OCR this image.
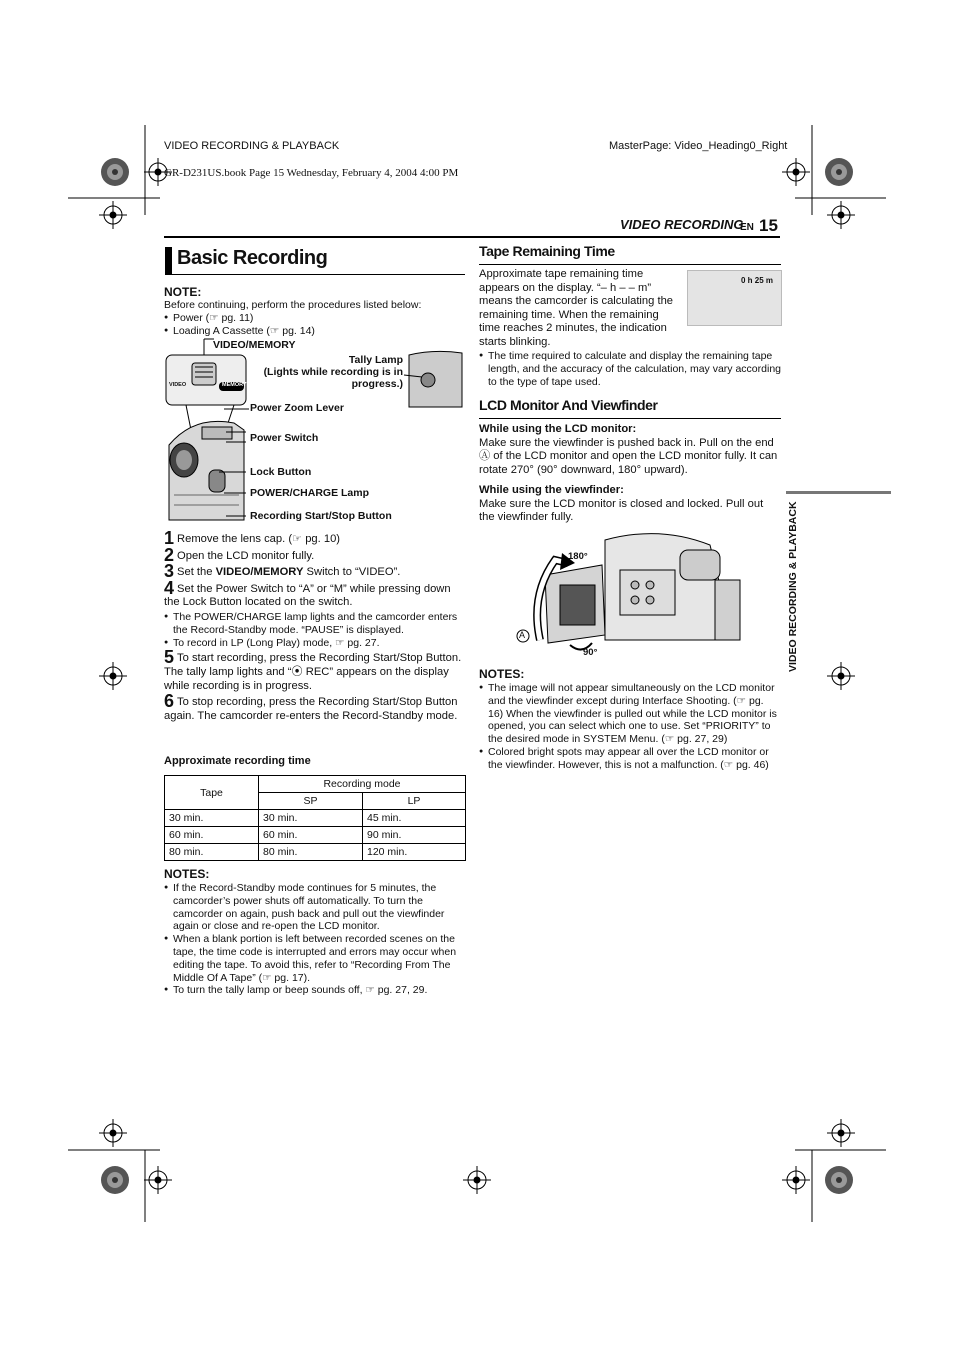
VIDEO RECORDING & PLAYBACK	MasterPage: Video_Heading0_Right
GR-D231US.book Page 15 Wednesday, February 4, 2004 4:00 PM
VIDEO RECORDING
EN 15
VIDEO RECORDING & PLAYBACK
Basic Recording
NOTE:
Before continuing, perform the procedures listed below:
● Power (☞ pg. 11)
● Loading A Cassette (☞ pg. 14)
VIDEO/MEMORY
VIDEO	MEMORY
Tally Lamp
(Lights while recording is in progress.)
Power Zoom Lever
Power Switch
Lock Button
POWER/CHARGE Lamp
Recording Start/Stop Button
1 Remove the lens cap. (☞ pg. 10)
2 Open the LCD monitor fully.
3 Set the VIDEO/MEMORY Switch to “VIDEO”.
4 Set the Power Switch to “A” or “M” while pressing down the Lock Button located on the switch.
● The POWER/CHARGE lamp lights and the camcorder enters the Record-Standby mode. “PAUSE” is displayed.
● To record in LP (Long Play) mode, ☞ pg. 27.
5 To start recording, press the Recording Start/Stop Button. The tally lamp lights and “⦿ REC” appears on the display while recording is in progress.
6 To stop recording, press the Recording Start/Stop Button again. The camcorder re-enters the Record-Standby mode.
Approximate recording time
Tape	Recording mode	
	SP	LP
30 min.	30 min.	45 min.
60 min.	60 min.	90 min.
80 min.	80 min.	120 min.
NOTES:
● If the Record-Standby mode continues for 5 minutes, the camcorder’s power shuts off automatically. To turn the camcorder on again, push back and pull out the viewfinder again or close and re-open the LCD monitor.
● When a blank portion is left between recorded scenes on the tape, the time code is interrupted and errors may occur when editing the tape. To avoid this, refer to “Recording From The Middle Of A Tape” (☞ pg. 17).
● To turn the tally lamp or beep sounds off, ☞ pg. 27, 29.
Tape Remaining Time
Approximate tape remaining time appears on the display. “– h – – m” means the camcorder is calculating the remaining time. When the remaining time reaches 2 minutes, the indication starts blinking.
0 h 25 m
● The time required to calculate and display the remaining tape length, and the accuracy of the calculation, may vary according to the type of tape used.
LCD Monitor And Viewfinder
While using the LCD monitor:
Make sure the viewfinder is pushed back in. Pull on the end Ⓐ of the LCD monitor and open the LCD monitor fully. It can rotate 270° (90° downward, 180° upward).
While using the viewfinder:
Make sure the LCD monitor is closed and locked. Pull out the viewfinder fully.
180°
90°
A
NOTES:
● The image will not appear simultaneously on the LCD monitor and the viewfinder except during Interface Shooting. (☞ pg. 16) When the viewfinder is pulled out while the LCD monitor is opened, you can select which one to use. Set “PRIORITY” to the desired mode in SYSTEM Menu. (☞ pg. 27, 29)
● Colored bright spots may appear all over the LCD monitor or the viewfinder. However, this is not a malfunction. (☞ pg. 46)
